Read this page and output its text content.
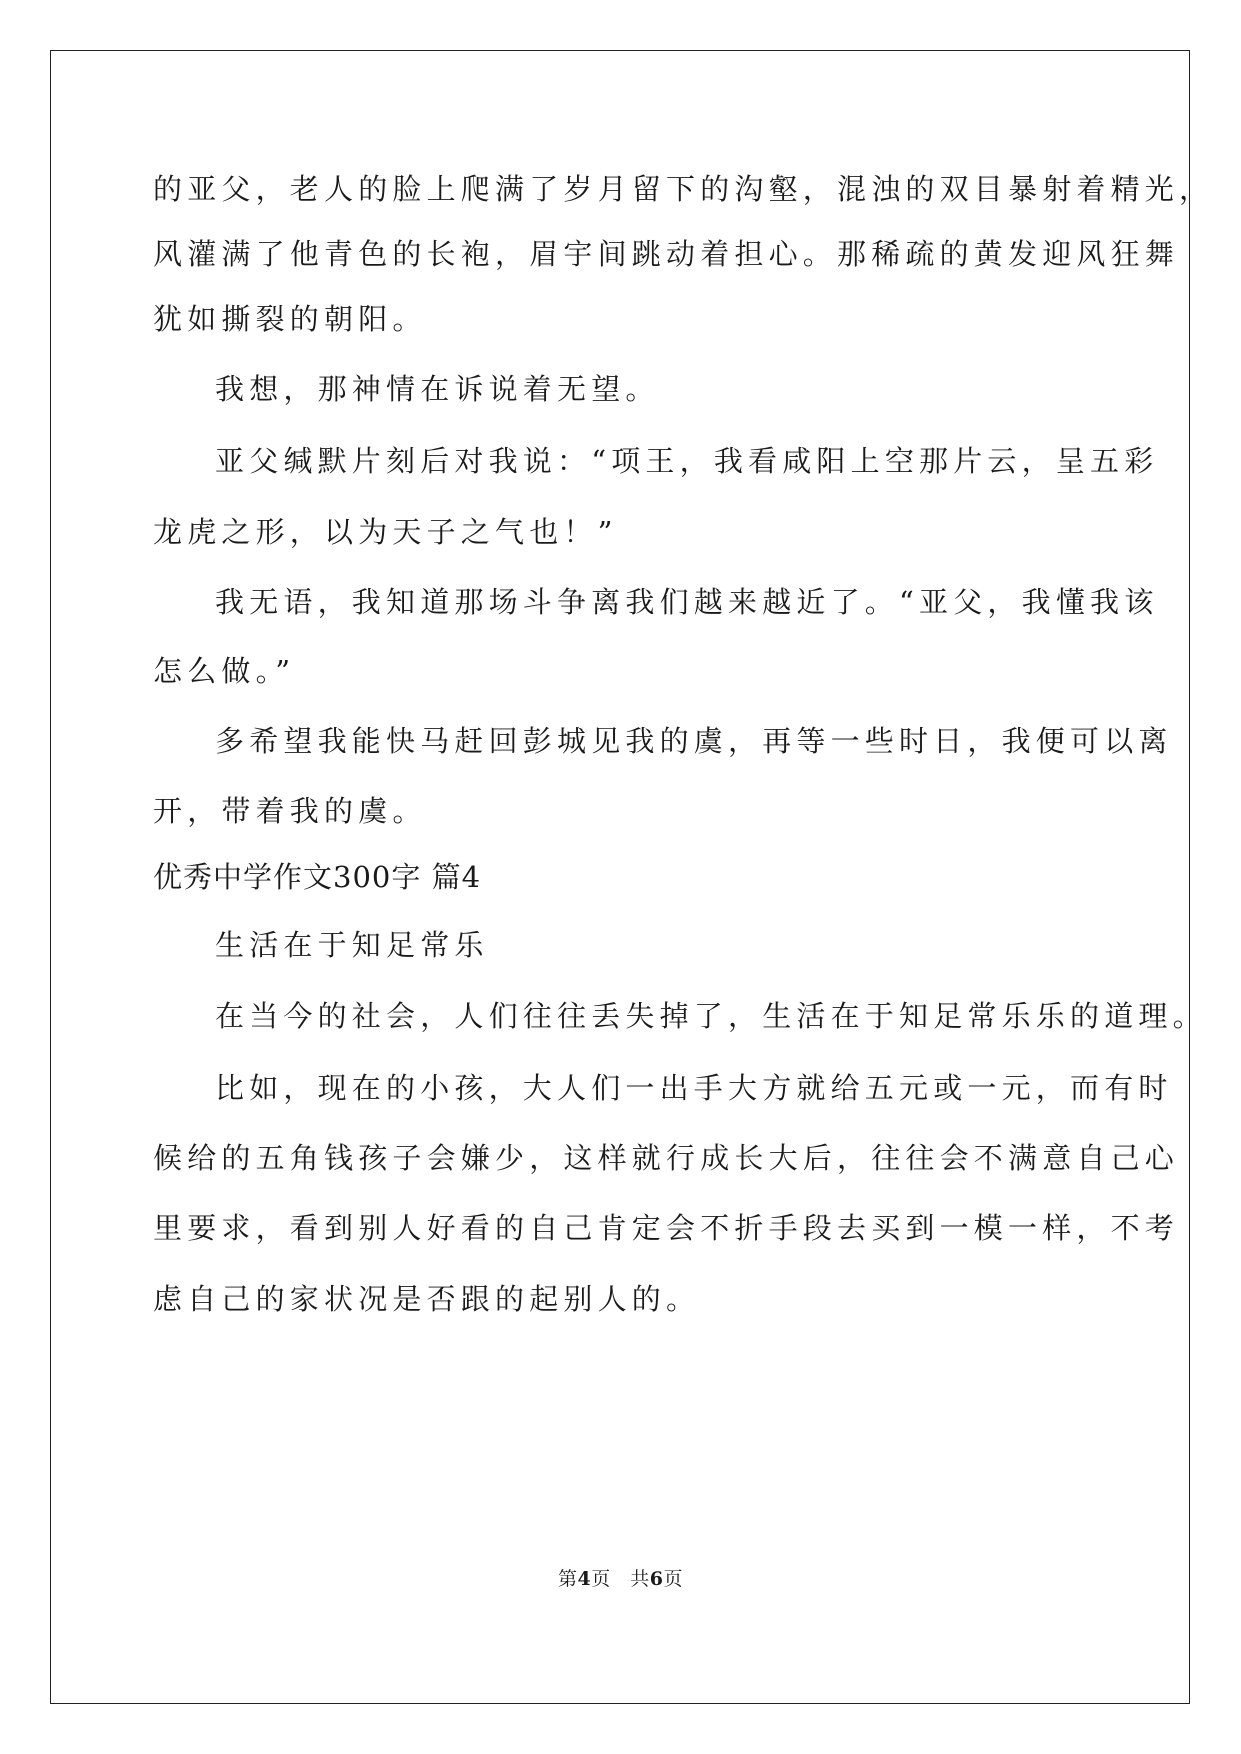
的亚父，老人的脸上爬满了岁月留下的沟壑，混浊的双目暴射着精光，
风灌满了他青色的长袍，眉宇间跳动着担心。那稀疏的黄发迎风狂舞
犹如撕裂的朝阳。
我想，那神情在诉说着无望。
亚父缄默片刻后对我说：“项王，我看咸阳上空那片云，呈五彩
龙虎之形，以为天子之气也！”
我无语，我知道那场斗争离我们越来越近了。“亚父，我懂我该
怎么做。”
多希望我能快马赶回彭城见我的虞，再等一些时日，我便可以离
开，带着我的虞。
优秀中学作文300字 篇4
生活在于知足常乐
在当今的社会，人们往往丢失掉了，生活在于知足常乐乐的道理。
比如，现在的小孩，大人们一出手大方就给五元或一元，而有时
候给的五角钱孩子会嫌少，这样就行成长大后，往往会不满意自己心
里要求，看到别人好看的自己肯定会不折手段去买到一模一样，不考
虑自己的家状况是否跟的起别人的。
第4页　共6页
